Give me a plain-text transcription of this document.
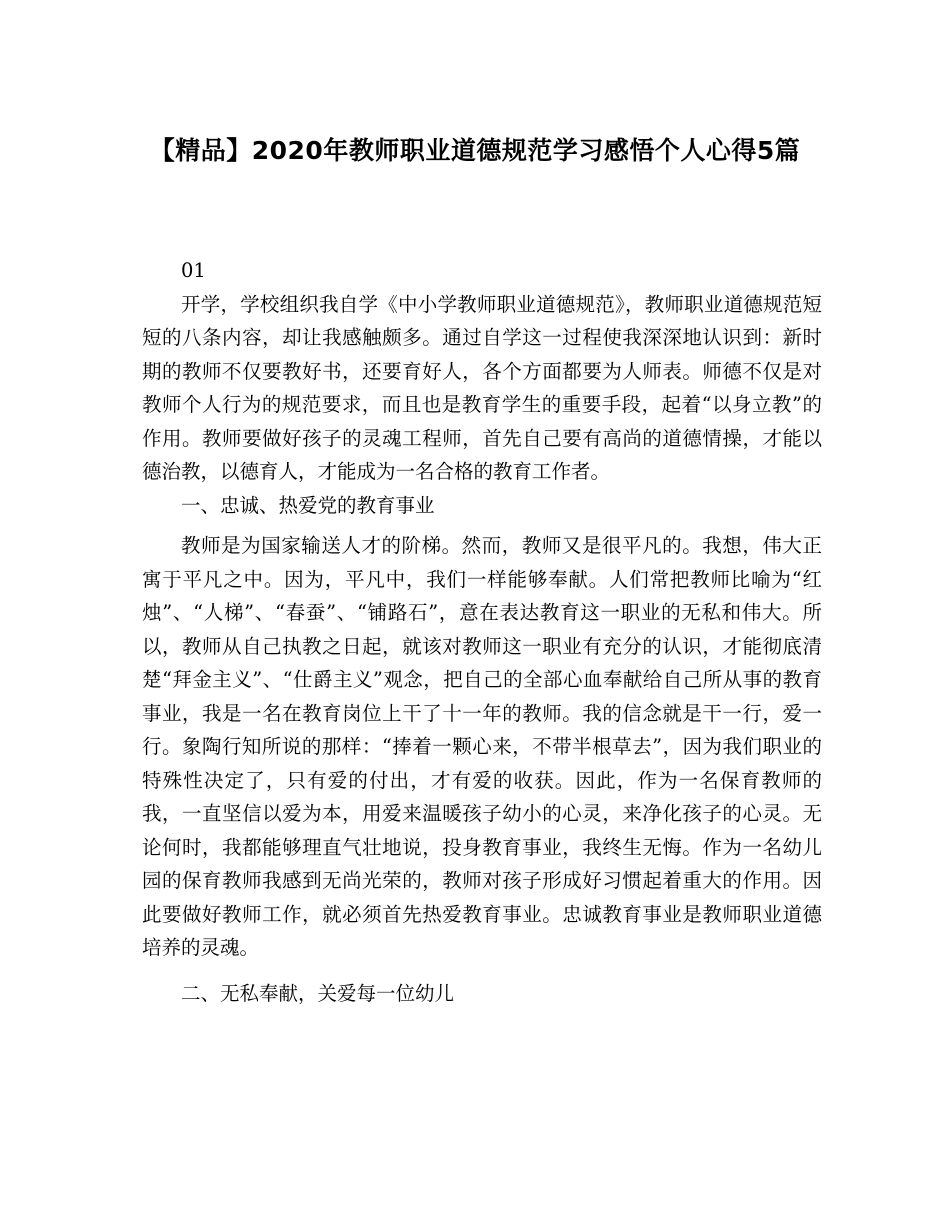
【精品】2020年教师职业道德规范学习感悟个人心得5篇

01

开学，学校组织我自学《中小学教师职业道德规范》，教师职业道德规范短短的八条内容，却让我感触颇多。通过自学这一过程使我深深地认识到：新时期的教师不仅要教好书，还要育好人，各个方面都要为人师表。师德不仅是对教师个人行为的规范要求，而且也是教育学生的重要手段，起着“以身立教”的作用。教师要做好孩子的灵魂工程师，首先自己要有高尚的道德情操，才能以德治教，以德育人，才能成为一名合格的教育工作者。

一、忠诚、热爱党的教育事业

教师是为国家输送人才的阶梯。然而，教师又是很平凡的。我想，伟大正寓于平凡之中。因为，平凡中，我们一样能够奉献。人们常把教师比喻为“红烛”、“人梯”、“春蚕”、“铺路石”，意在表达教育这一职业的无私和伟大。所以，教师从自己执教之日起，就该对教师这一职业有充分的认识，才能彻底清楚“拜金主义”、“仕爵主义”观念，把自己的全部心血奉献给自己所从事的教育事业，我是一名在教育岗位上干了十一年的教师。我的信念就是干一行，爱一行。象陶行知所说的那样：“捧着一颗心来，不带半根草去”，因为我们职业的特殊性决定了，只有爱的付出，才有爱的收获。因此，作为一名保育教师的我，一直坚信以爱为本，用爱来温暖孩子幼小的心灵，来净化孩子的心灵。无论何时，我都能够理直气壮地说，投身教育事业，我终生无悔。作为一名幼儿园的保育教师我感到无尚光荣的，教师对孩子形成好习惯起着重大的作用。因此要做好教师工作，就必须首先热爱教育事业。忠诚教育事业是教师职业道德培养的灵魂。

二、无私奉献，关爱每一位幼儿
